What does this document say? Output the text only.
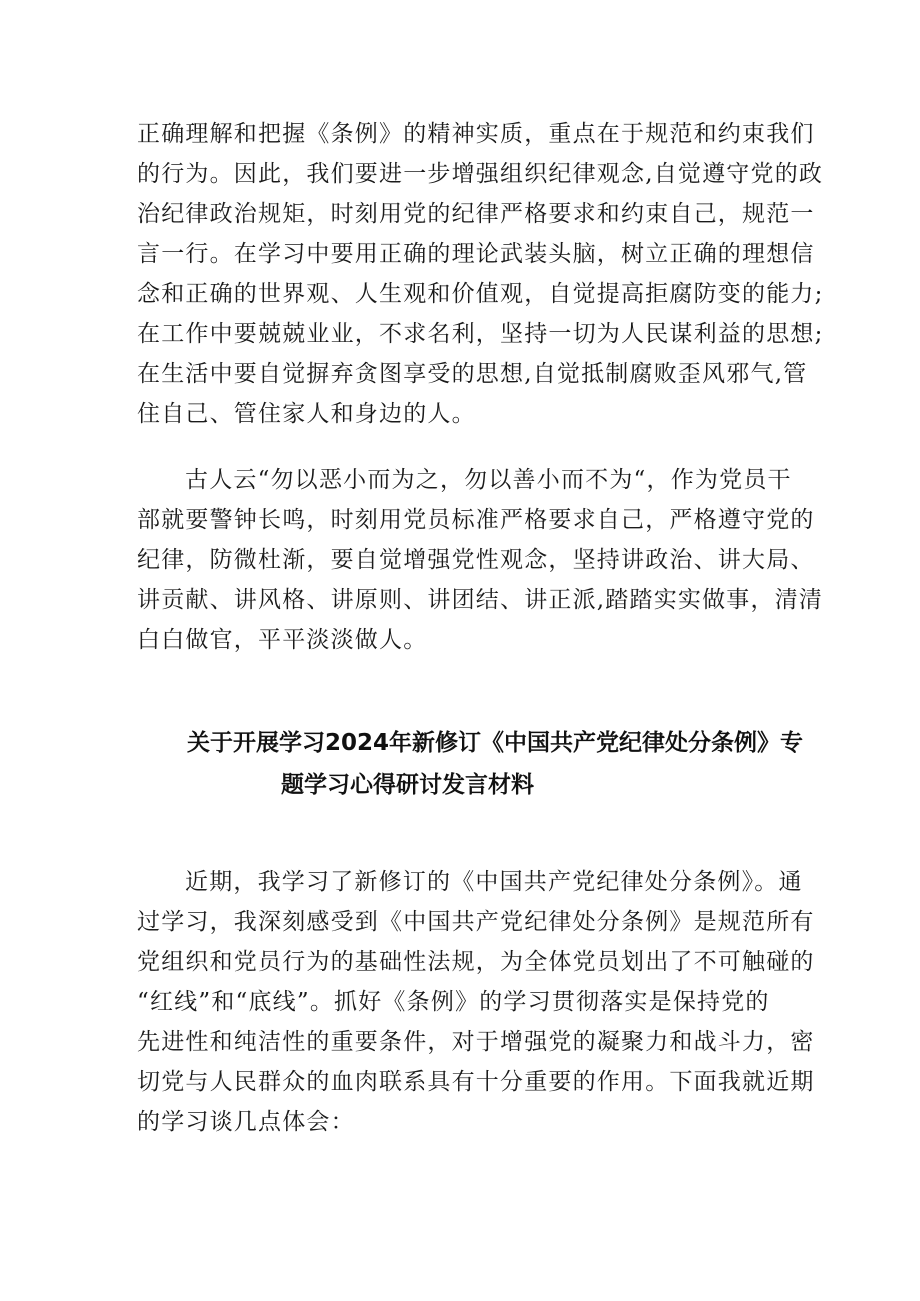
正确理解和把握《条例》的精神实质，重点在于规范和约束我们
的行为。因此，我们要进一步增强组织纪律观念,自觉遵守党的政
治纪律政治规矩，时刻用党的纪律严格要求和约束自己，规范一
言一行。在学习中要用正确的理论武装头脑，树立正确的理想信
念和正确的世界观、人生观和价值观，自觉提高拒腐防变的能力;
在工作中要兢兢业业，不求名利，坚持一切为人民谋利益的思想;
在生活中要自觉摒弃贪图享受的思想,自觉抵制腐败歪风邪气,管
住自己、管住家人和身边的人。

古人云“勿以恶小而为之，勿以善小而不为“，作为党员干
部就要警钟长鸣，时刻用党员标准严格要求自己，严格遵守党的
纪律，防微杜渐，要自觉增强党性观念，坚持讲政治、讲大局、
讲贡献、讲风格、讲原则、讲团结、讲正派,踏踏实实做事，清清
白白做官，平平淡淡做人。

关于开展学习2024年新修订《中国共产党纪律处分条例》专
题学习心得研讨发言材料

近期，我学习了新修订的《中国共产党纪律处分条例》。通
过学习，我深刻感受到《中国共产党纪律处分条例》是规范所有
党组织和党员行为的基础性法规，为全体党员划出了不可触碰的
“红线”和“底线”。抓好《条例》的学习贯彻落实是保持党的
先进性和纯洁性的重要条件，对于增强党的凝聚力和战斗力，密
切党与人民群众的血肉联系具有十分重要的作用。下面我就近期
的学习谈几点体会：
